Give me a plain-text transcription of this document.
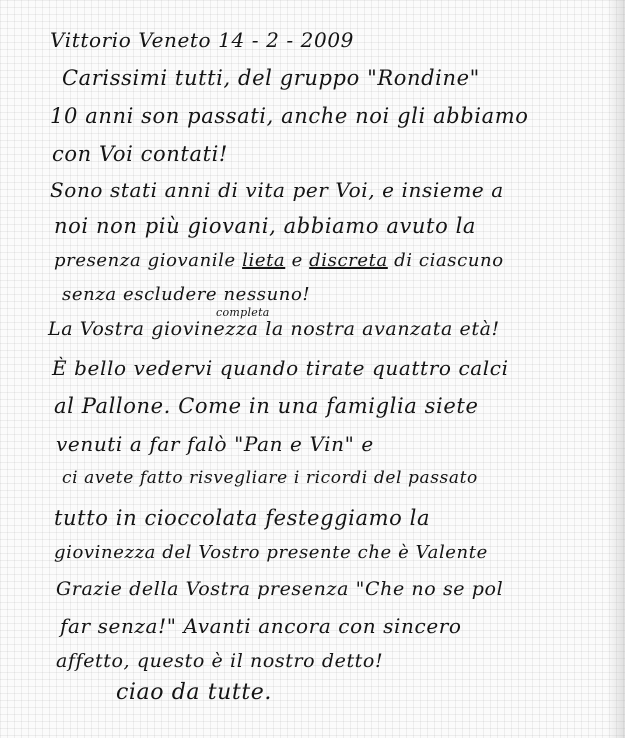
Vittorio Veneto 14 - 2 - 2009
Carissimi tutti, del gruppo "Rondine"
10 anni son passati, anche noi gli abbiamo
con Voi contati!
Sono stati anni di vita per Voi, e insieme a
noi non più giovani, abbiamo avuto la
presenza giovanile lieta e discreta di ciascuno
senza escludere nessuno!
completa
La Vostra giovinezza la nostra avanzata età!
È bello vedervi quando tirate quattro calci
al Pallone. Come in una famiglia siete
venuti a far falò "Pan e Vin" e
ci avete fatto risvegliare i ricordi del passato
tutto in cioccolata festeggiamo la
giovinezza del Vostro presente che è Valente
Grazie della Vostra presenza "Che no se pol
far senza!" Avanti ancora con sincero
affetto, questo è il nostro detto!
ciao da tutte.
